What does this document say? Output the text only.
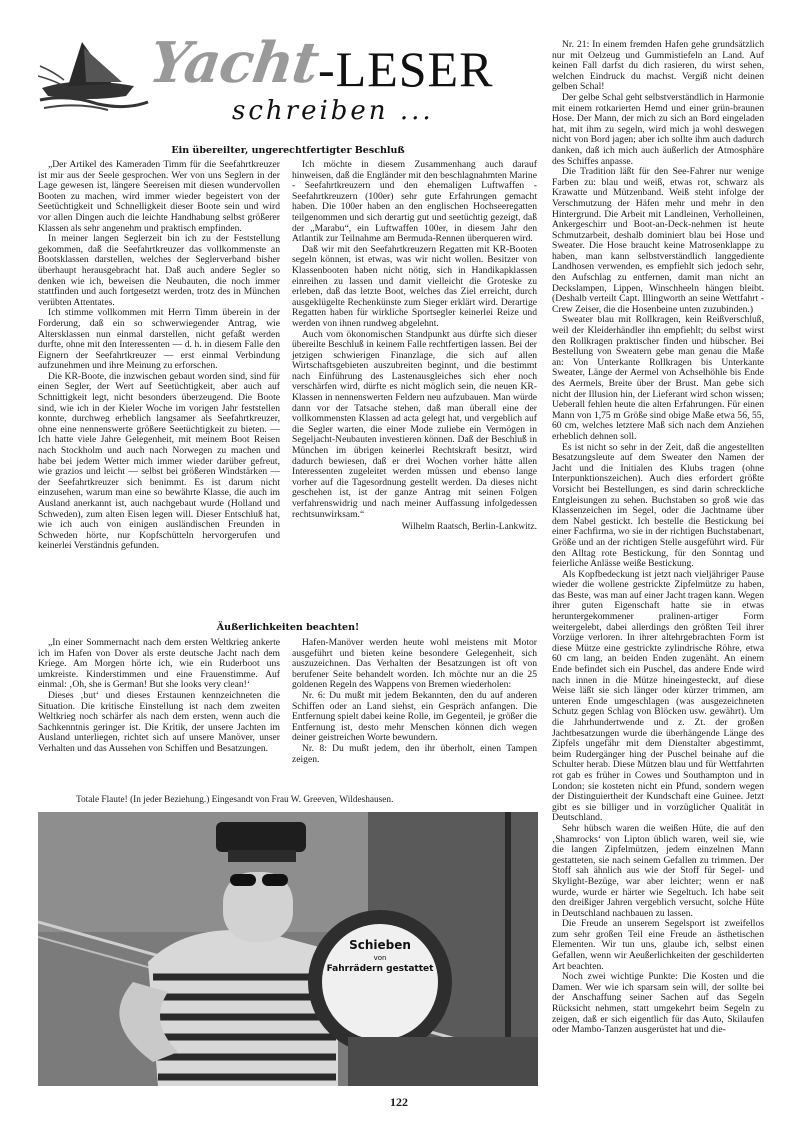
Yacht
-LESER
schreiben ...
Ein übereilter, ungerechtfertigter Beschluß

„Der Artikel des Kameraden Timm für die Seefahrtkreuzer ist mir aus der Seele gesprochen. Wer von uns Seglern in der Lage gewesen ist, längere Seereisen mit diesen wundervollen Booten zu machen, wird immer wieder begeistert von der Seetüchtigkeit und Schnelligkeit dieser Boote sein und wird vor allen Dingen auch die leichte Handhabung selbst größerer Klassen als sehr angenehm und praktisch empfinden.

In meiner langen Seglerzeit bin ich zu der Feststellung gekommen, daß die Seefahrtkreuzer das vollkommenste an Bootsklassen darstellen, welches der Seglerverband bisher überhaupt herausgebracht hat. Daß auch andere Segler so denken wie ich, beweisen die Neubauten, die noch immer stattfinden und auch fortgesetzt werden, trotz des in München verübten Attentates.

Ich stimme vollkommen mit Herrn Timm überein in der Forderung, daß ein so schwerwiegender Antrag, wie Altersklassen nun einmal darstellen, nicht gefaßt werden durfte, ohne mit den Interessenten — d. h. in diesem Falle den Eignern der Seefahrtkreuzer — erst einmal Verbindung aufzunehmen und ihre Meinung zu erforschen.

Die KR-Boote, die inzwischen gebaut worden sind, sind für einen Segler, der Wert auf Seetüchtigkeit, aber auch auf Schnittigkeit legt, nicht besonders überzeugend. Die Boote sind, wie ich in der Kieler Woche im vorigen Jahr feststellen konnte, durchweg erheblich langsamer als Seefahrtkreuzer, ohne eine nennenswerte größere Seetüchtigkeit zu bieten. — Ich hatte viele Jahre Gelegenheit, mit meinem Boot Reisen nach Stockholm und auch nach Norwegen zu machen und habe bei jedem Wetter mich immer wieder darüber gefreut, wie grazios und leicht — selbst bei größeren Windstärken — der Seefahrtkreuzer sich benimmt. Es ist darum nicht einzusehen, warum man eine so bewährte Klasse, die auch im Ausland anerkannt ist, auch nachgebaut wurde (Holland und Schweden), zum alten Eisen legen will. Dieser Entschluß hat, wie ich auch von einigen ausländischen Freunden in Schweden hörte, nur Kopfschütteln hervorgerufen und keinerlei Verständnis gefunden.

Ich möchte in diesem Zusammenhang auch darauf hinweisen, daß die Engländer mit den beschlagnahmten Marine - Seefahrtkreuzern und den ehemaligen Luftwaffen - Seefahrtkreuzern (100er) sehr gute Erfahrungen gemacht haben. Die 100er haben an den englischen Hochseeregatten teilgenommen und sich derartig gut und seetüchtig gezeigt, daß der „Marabu“, ein Luftwaffen 100er, in diesem Jahr den Atlantik zur Teilnahme am Bermuda-Rennen überqueren wird.

Daß wir mit den Seefahrtkreuzern Regatten mit KR-Booten segeln können, ist etwas, was wir nicht wollen. Besitzer von Klassenbooten haben nicht nötig, sich in Handikapklassen einreihen zu lassen und damit vielleicht die Groteske zu erleben, daß das letzte Boot, welches das Ziel erreicht, durch ausgeklügelte Rechenkünste zum Sieger erklärt wird. Derartige Regatten haben für wirkliche Sportsegler keinerlei Reize und werden von ihnen rundweg abgelehnt.

Auch vom ökonomischen Standpunkt aus dürfte sich dieser übereilte Beschluß in keinem Falle rechtfertigen lassen. Bei der jetzigen schwierigen Finanzlage, die sich auf allen Wirtschaftsgebieten auszubreiten beginnt, und die bestimmt nach Einführung des Lastenausgleiches sich eher noch verschärfen wird, dürfte es nicht möglich sein, die neuen KR-Klassen in nennenswerten Feldern neu aufzubauen. Man würde dann vor der Tatsache stehen, daß man überall eine der vollkommensten Klassen ad acta gelegt hat, und vergeblich auf die Segler warten, die einer Mode zuliebe ein Vermögen in Segeljacht-Neubauten investieren können. Daß der Beschluß in München im übrigen keinerlei Rechtskraft besitzt, wird dadurch bewiesen, daß er drei Wochen vorher hätte allen Interessenten zugeleitet werden müssen und ebenso lange vorher auf die Tagesordnung gestellt werden. Da dieses nicht geschehen ist, ist der ganze Antrag mit seinen Folgen verfahrenswidrig und nach meiner Auffassung infolgedessen rechtsunwirksam.“

Wilhelm Raatsch, Berlin-Lankwitz.
Äußerlichkeiten beachten!

„In einer Sommernacht nach dem ersten Weltkrieg ankerte ich im Hafen von Dover als erste deutsche Jacht nach dem Kriege. Am Morgen hörte ich, wie ein Ruderboot uns umkreiste. Kinderstimmen und eine Frauenstimme. Auf einmal: ‚Oh, she is German! But she looks very clean!‘

Dieses ‚but‘ und dieses Erstaunen kennzeichneten die Situation. Die kritische Einstellung ist nach dem zweiten Weltkrieg noch schärfer als nach dem ersten, wenn auch die Sachkenntnis geringer ist. Die Kritik, der unsere Jachten im Ausland unterliegen, richtet sich auf unsere Manöver, unser Verhalten und das Aussehen von Schiffen und Besatzungen.

Hafen-Manöver werden heute wohl meistens mit Motor ausgeführt und bieten keine besondere Gelegenheit, sich auszuzeichnen. Das Verhalten der Besatzungen ist oft von berufener Seite behandelt worden. Ich möchte nur an die 25 goldenen Regeln des Wappens von Bremen wiederholen:

Nr. 6: Du mußt mit jedem Bekannten, den du auf anderen Schiffen oder an Land siehst, ein Gespräch anfangen. Die Entfernung spielt dabei keine Rolle, im Gegenteil, je größer die Entfernung ist, desto mehr Menschen können dich wegen deiner geistreichen Worte bewundern.

Nr. 8: Du mußt jedem, den ihr überholt, einen Tampen zeigen.

Totale Flaute! (In jeder Beziehung.) Eingesandt von Frau W. Greeven, Wildeshausen.
Schieben
von
Fahrrädern gestattet

Nr. 21: In einem fremden Hafen gehe grundsätzlich nur mit Oelzeug und Gummistiefeln an Land. Auf keinen Fall darfst du dich rasieren, du wirst sehen, welchen Eindruck du machst. Vergiß nicht deinen gelben Schal!

Der gelbe Schal geht selbstverständlich in Harmonie mit einem rotkarierten Hemd und einer grün-braunen Hose. Der Mann, der mich zu sich an Bord eingeladen hat, mit ihm zu segeln, wird mich ja wohl deswegen nicht von Bord jagen; aber ich sollte ihm auch dadurch danken, daß ich mich auch äußerlich der Atmosphäre des Schiffes anpasse.

Die Tradition läßt für den See-Fahrer nur wenige Farben zu: blau und weiß, etwas rot, schwarz als Krawatte und Mützenband. Weiß steht infolge der Verschmutzung der Häfen mehr und mehr in den Hintergrund. Die Arbeit mit Landleinen, Verholleinen, Ankergeschirr und Boot-an-Deck-nehmen ist heute Schmutzarbeit, deshalb dominiert blau bei Hose und Sweater. Die Hose braucht keine Matrosenklappe zu haben, man kann selbstverständlich langgediente Landhosen verwenden, es empfiehlt sich jedoch sehr, den Aufschlag zu entfernen, damit man nicht an Deckslampen, Lippen, Winschheeln hängen bleibt. (Deshalb verteilt Capt. Illingworth an seine Wettfahrt - Crew Zeiser, die die Hosenbeine unten zuzubinden.)

Sweater blau mit Rollkragen, kein Reißverschluß, weil der Kleiderhändler ihn empfiehlt; du selbst wirst den Rollkragen praktischer finden und hübscher. Bei Bestellung von Sweatern gebe man genau die Maße an: Von Unterkante Rollkragen bis Unterkante Sweater, Länge der Aermel von Achselhöhle bis Ende des Aermels, Breite über der Brust. Man gebe sich nicht der Illusion hin, der Lieferant wird schon wissen; Ueberall fehlen heute die alten Erfahrungen. Für einen Mann von 1,75 m Größe sind obige Maße etwa 56, 55, 60 cm, welches letztere Maß sich nach dem Anziehen erheblich dehnen soll.

Es ist nicht so sehr in der Zeit, daß die angestellten Besatzungsleute auf dem Sweater den Namen der Jacht und die Initialen des Klubs tragen (ohne Interpunktionszeichen). Auch dies erfordert größte Vorsicht bei Bestellungen, es sind darin schreckliche Entgleisungen zu sehen. Buchstaben so groß wie das Klassenzeichen im Segel, oder die Jachtname über dem Nabel gestickt. Ich bestelle die Bestickung bei einer Fachfirma, wo sie in der richtigen Buchstabenart, Größe und an der richtigen Stelle ausgeführt wird. Für den Alltag rote Bestickung, für den Sonntag und feierliche Anlässe weiße Bestickung.

Als Kopfbedeckung ist jetzt nach vieljähriger Pause wieder die wollene gestrickte Zipfelmütze zu haben, das Beste, was man auf einer Jacht tragen kann. Wegen ihrer guten Eigenschaft hatte sie in etwas heruntergekommener pralinen-artiger Form weitergelebt, dabei allerdings den größten Teil ihrer Vorzüge verloren. In ihrer altehrgebrachten Form ist diese Mütze eine gestrickte zylindrische Röhre, etwa 60 cm lang, an beiden Enden zugenäht. An einem Ende befindet sich ein Puschel, das andere Ende wird nach innen in die Mütze hineingesteckt, auf diese Weise läßt sie sich länger oder kürzer trimmen, am unteren Ende umgeschlagen (was ausgezeichneten Schutz gegen Schlag von Blöcken usw. gewährt). Um die Jahrhundertwende und z. Zt. der großen Jachtbesatzungen wurde die überhängende Länge des Zipfels ungefähr mit dem Dienstalter abgestimmt, beim Rudergänger hing der Puschel beinahe auf die Schulter herab. Diese Mützen blau und für Wettfahrten rot gab es früher in Cowes und Southampton und in London; sie kosteten nicht ein Pfund, sondern wegen der Distinguiertheit der Kundschaft eine Guinee. Jetzt gibt es sie billiger und in vorzüglicher Qualität in Deutschland.

Sehr hübsch waren die weißen Hüte, die auf den ‚Shamrocks‘ von Lipton üblich waren, weil sie, wie die langen Zipfelmützen, jedem einzelnen Mann gestatteten, sie nach seinem Gefallen zu trimmen. Der Stoff sah ähnlich aus wie der Stoff für Segel- und Skylight-Bezüge, war aber leichter; wenn er naß wurde, wurde er härter wie Segeltuch. Ich habe seit den dreißiger Jahren vergeblich versucht, solche Hüte in Deutschland nachbauen zu lassen.

Die Freude an unserem Segelsport ist zweifellos zum sehr großen Teil eine Freude an ästhetischen Elementen. Wir tun uns, glaube ich, selbst einen Gefallen, wenn wir Aeußerlichkeiten der geschilderten Art beachten.

Noch zwei wichtige Punkte: Die Kosten und die Damen. Wer wie ich sparsam sein will, der sollte bei der Anschaffung seiner Sachen auf das Segeln Rücksicht nehmen, statt umgekehrt beim Segeln zu zeigen, daß er sich eigentlich für das Auto, Skilaufen oder Mambo-Tanzen ausgerüstet hat und die-

122
